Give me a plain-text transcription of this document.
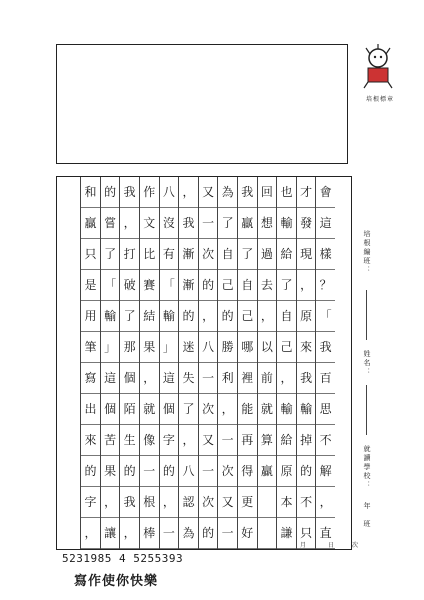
培根標章
會
這
樣
？
「
我
百
思
不
解
，
直
才
發
現
，
原
來
我
輸
掉
的
不
只
也
輸
給
了
自
己
，
輸
給
原
本
謙
回
想
過
去
，
以
前
就
算
贏
我
贏
了
自
己
哪
裡
能
再
得
更
好
為
了
自
己
的
勝
利
，
一
次
又
一
又
一
次
的
，
八
一
次
又
一
次
的
，
我
漸
漸
的
迷
失
了
，
八
認
為
八
沒
有
「
輸
」
這
個
字
的
，
一
作
文
比
賽
結
果
，
就
像
一
根
棒
我
，
打
破
了
那
個
陌
生
的
我
，
的
嘗
了
「
輸
」
這
個
苦
果
，
讓
和
贏
只
是
用
筆
寫
出
來
的
字
，
培根編班：
姓名：
就讀學校：
年
班
月	日	次
5231985 4 5255393
寫作使你快樂
